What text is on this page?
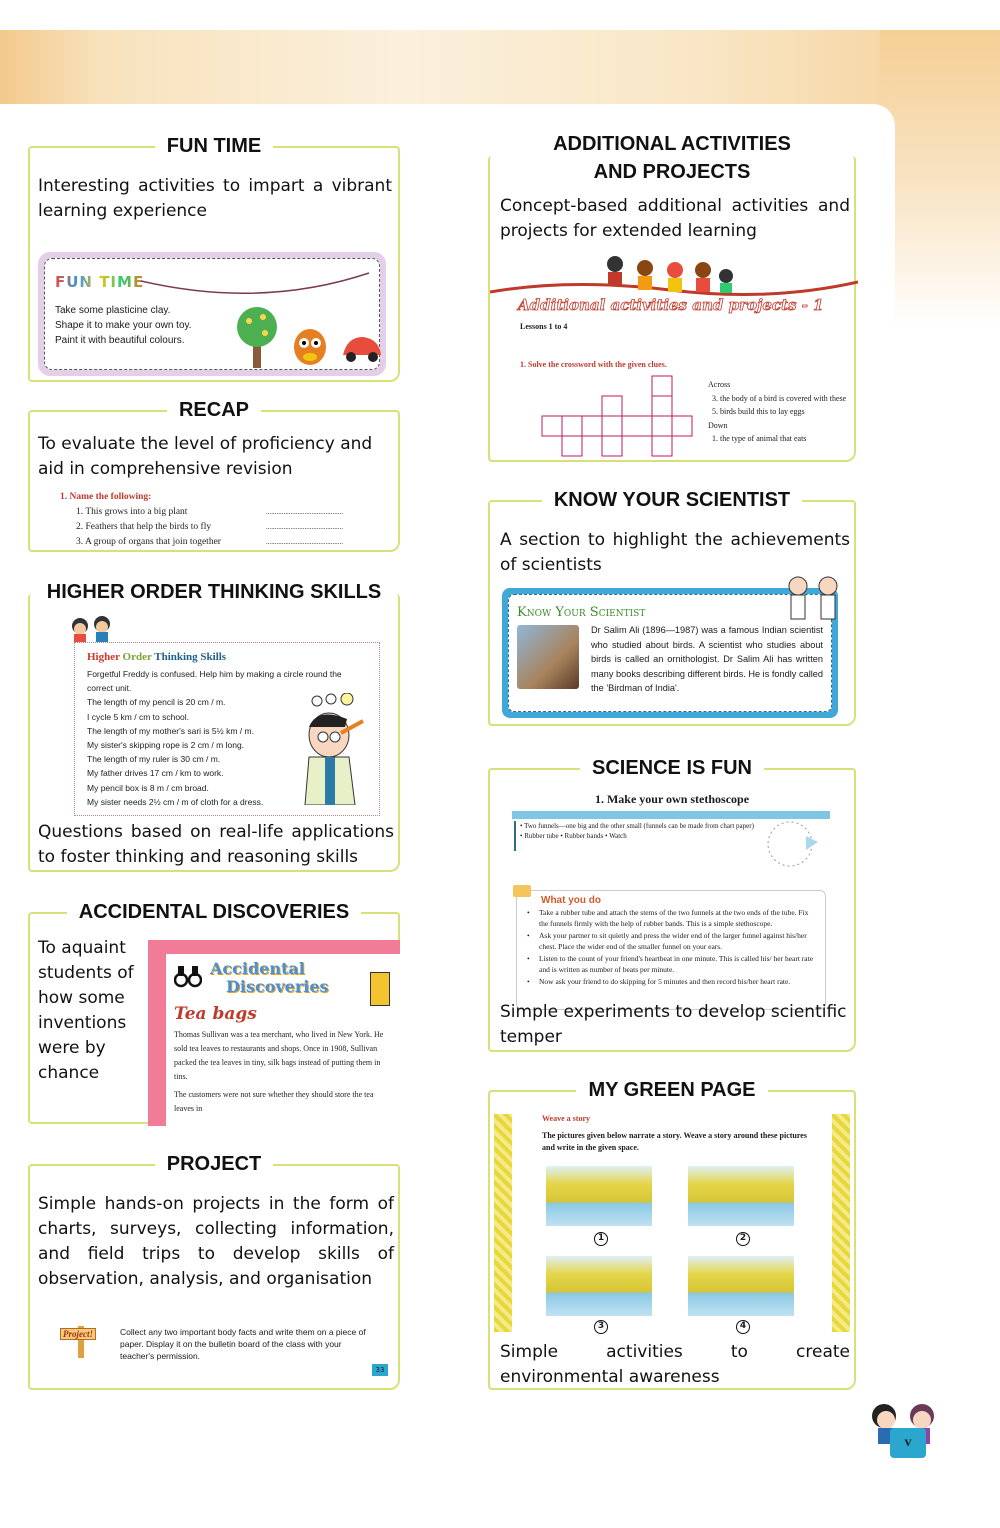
FUN TIME

Interesting activities to impart a vibrant learning experience

FUN TIME
Take some plasticine clay.
Shape it to make your own toy.
Paint it with beautiful colours.
RECAP

To evaluate the level of proficiency and aid in comprehensive revision

1. Name the following:
1. This grows into a big plant	............................................
2. Feathers that help the birds to fly	............................................
3. A group of organs that join together	............................................
HIGHER ORDER THINKING SKILLS
Higher Order Thinking Skills
Forgetful Freddy is confused. Help him by making a circle round the correct unit.
The length of my pencil is 20 cm / m.
I cycle 5 km / cm to school.
The length of my mother's sari is 5½ km / m.
My sister's skipping rope is 2 cm / m long.
The length of my ruler is 30 cm / m.
My father drives 17 cm / km to work.
My pencil box is 8 m / cm broad.
My sister needs 2½ cm / m of cloth for a dress.

Questions based on real-life applications to foster thinking and reasoning skills

ACCIDENTAL DISCOVERIES

To aquaint students of how some inventions were by chance

Accidental
Discoveries
Tea bags
Thomas Sullivan was a tea merchant, who lived in New York. He sold tea leaves to restaurants and shops. Once in 1908, Sullivan packed the tea leaves in tiny, silk bags instead of putting them in tins.
The customers were not sure whether they should store the tea leaves in
PROJECT

Simple hands-on projects in the form of charts, surveys, collecting information, and field trips to develop skills of observation, analysis, and organisation

Project!	Collect any two important body facts and write them on a piece of paper. Display it on the bulletin board of the class with your teacher's permission.

33
ADDITIONAL ACTIVITIES
AND PROJECTS

Concept-based additional activities and projects for extended learning

Additional activities and projects - 1
Lessons 1 to 4
1. Solve the crossword with the given clues.
Across
3. the body of a bird is covered with these
5. birds build this to lay eggs
Down
1. the type of animal that eats
KNOW YOUR SCIENTIST

A section to highlight the achievements of scientists

Know Your Scientist

Dr Salim Ali (1896—1987) was a famous Indian scientist who studied about birds. A scientist who studies about birds is called an ornithologist. Dr Salim Ali has written many books describing different birds. He is fondly called the 'Birdman of India'.

SCIENCE IS FUN
1. Make your own stethoscope
• Two funnels—one big and the other small (funnels can be made from chart paper) • Rubber tube • Rubber bands • Watch
What you do
• Take a rubber tube and attach the stems of the two funnels at the two ends of the tube. Fix the funnels firmly with the help of rubber bands. This is a simple stethoscope.
• Ask your partner to sit quietly and press the wider end of the larger funnel against his/her chest. Place the wider end of the smaller funnel on your ears.
• Listen to the count of your friend's heartbeat in one minute. This is called his/ her heart rate and is written as number of beats per minute.
• Now ask your friend to do skipping for 5 minutes and then record his/her heart rate.

Simple experiments to develop scientific temper

MY GREEN PAGE
Weave a story

The pictures given below narrate a story. Weave a story around these pictures and write in the given space.

1	2
3	4

Simple activities to create environmental awareness

v
